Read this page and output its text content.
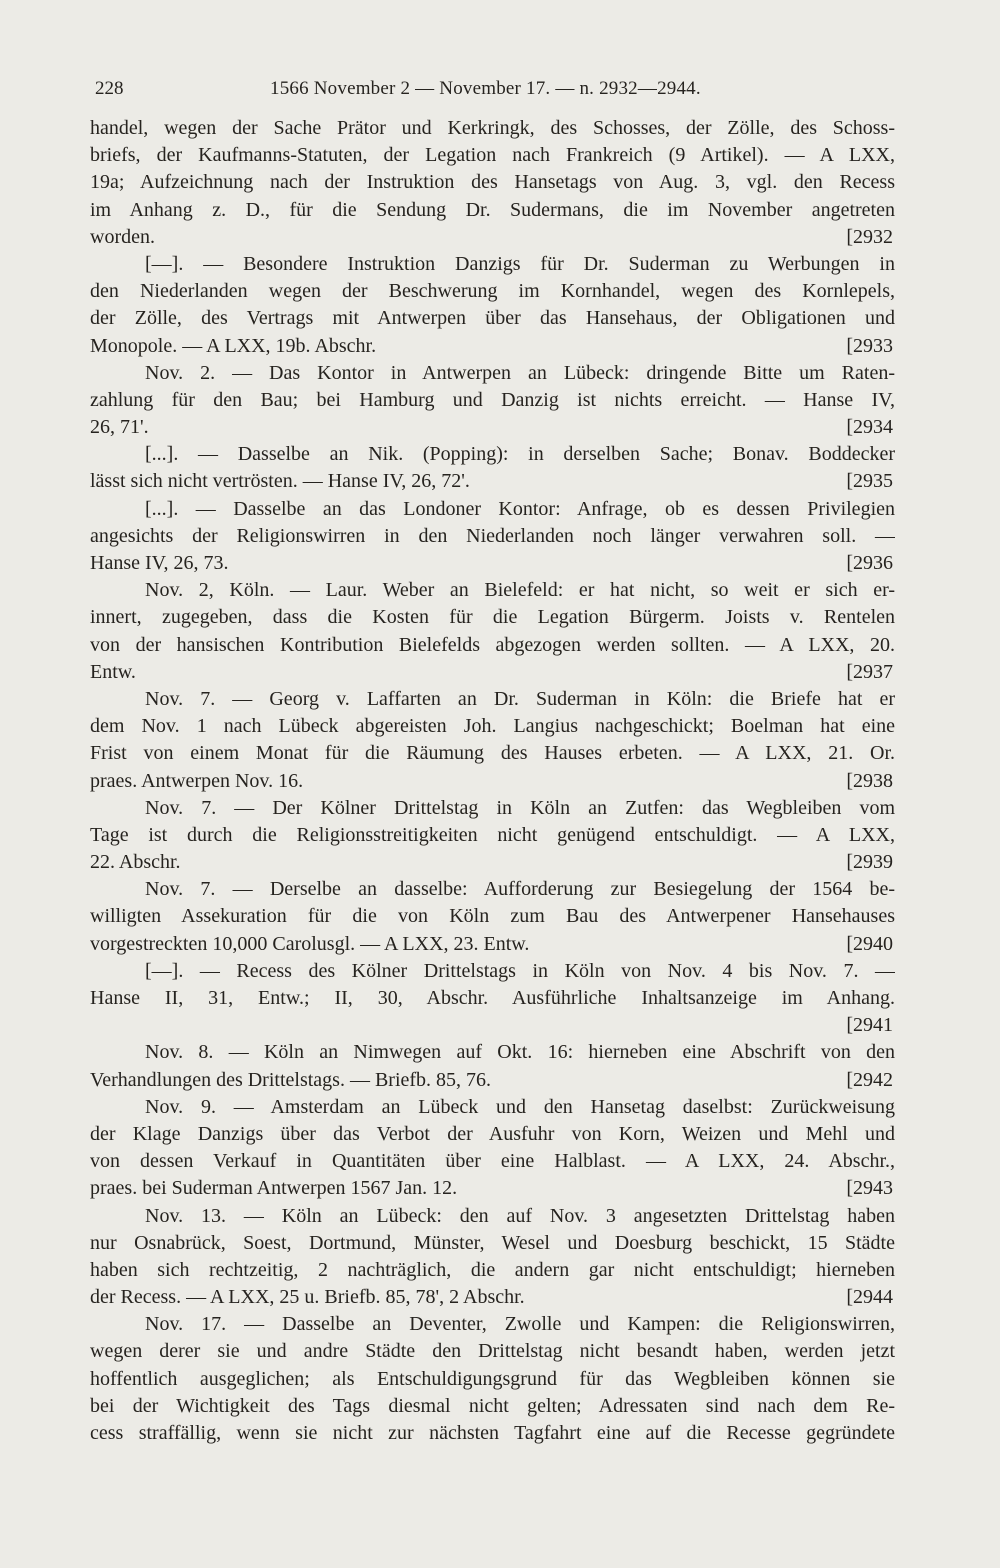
228	1566 November 2 — November 17. — n. 2932—2944.
handel, wegen der Sache Prätor und Kerkringk, des Schosses, der Zölle, des Schoss-
briefs, der Kaufmanns-Statuten, der Legation nach Frankreich (9 Artikel). — A LXX,
19a; Aufzeichnung nach der Instruktion des Hansetags von Aug. 3, vgl. den Recess
im Anhang z. D., für die Sendung Dr. Sudermans, die im November angetreten
worden.	[2932
[—]. — Besondere Instruktion Danzigs für Dr. Suderman zu Werbungen in
den Niederlanden wegen der Beschwerung im Kornhandel, wegen des Kornlepels,
der Zölle, des Vertrags mit Antwerpen über das Hansehaus, der Obligationen und
Monopole. — A LXX, 19b. Abschr.	[2933
Nov. 2. — Das Kontor in Antwerpen an Lübeck: dringende Bitte um Raten-
zahlung für den Bau; bei Hamburg und Danzig ist nichts erreicht. — Hanse IV,
26, 71'.	[2934
[...]. — Dasselbe an Nik. (Popping): in derselben Sache; Bonav. Boddecker
lässt sich nicht vertrösten. — Hanse IV, 26, 72'.	[2935
[...]. — Dasselbe an das Londoner Kontor: Anfrage, ob es dessen Privilegien
angesichts der Religionswirren in den Niederlanden noch länger verwahren soll. —
Hanse IV, 26, 73.	[2936
Nov. 2, Köln. — Laur. Weber an Bielefeld: er hat nicht, so weit er sich er-
innert, zugegeben, dass die Kosten für die Legation Bürgerm. Joists v. Rentelen
von der hansischen Kontribution Bielefelds abgezogen werden sollten. — A LXX, 20.
Entw.	[2937
Nov. 7. — Georg v. Laffarten an Dr. Suderman in Köln: die Briefe hat er
dem Nov. 1 nach Lübeck abgereisten Joh. Langius nachgeschickt; Boelman hat eine
Frist von einem Monat für die Räumung des Hauses erbeten. — A LXX, 21. Or.
praes. Antwerpen Nov. 16.	[2938
Nov. 7. — Der Kölner Drittelstag in Köln an Zutfen: das Wegbleiben vom
Tage ist durch die Religionsstreitigkeiten nicht genügend entschuldigt. — A LXX,
22. Abschr.	[2939
Nov. 7. — Derselbe an dasselbe: Aufforderung zur Besiegelung der 1564 be-
willigten Assekuration für die von Köln zum Bau des Antwerpener Hansehauses
vorgestreckten 10,000 Carolusgl. — A LXX, 23. Entw.	[2940
[—]. — Recess des Kölner Drittelstags in Köln von Nov. 4 bis Nov. 7. —
Hanse II, 31, Entw.; II, 30, Abschr. Ausführliche Inhaltsanzeige im Anhang.
[2941
Nov. 8. — Köln an Nimwegen auf Okt. 16: hierneben eine Abschrift von den
Verhandlungen des Drittelstags. — Briefb. 85, 76.	[2942
Nov. 9. — Amsterdam an Lübeck und den Hansetag daselbst: Zurückweisung
der Klage Danzigs über das Verbot der Ausfuhr von Korn, Weizen und Mehl und
von dessen Verkauf in Quantitäten über eine Halblast. — A LXX, 24. Abschr.,
praes. bei Suderman Antwerpen 1567 Jan. 12.	[2943
Nov. 13. — Köln an Lübeck: den auf Nov. 3 angesetzten Drittelstag haben
nur Osnabrück, Soest, Dortmund, Münster, Wesel und Doesburg beschickt, 15 Städte
haben sich rechtzeitig, 2 nachträglich, die andern gar nicht entschuldigt; hierneben
der Recess. — A LXX, 25 u. Briefb. 85, 78', 2 Abschr.	[2944
Nov. 17. — Dasselbe an Deventer, Zwolle und Kampen: die Religionswirren,
wegen derer sie und andre Städte den Drittelstag nicht besandt haben, werden jetzt
hoffentlich ausgeglichen; als Entschuldigungsgrund für das Wegbleiben können sie
bei der Wichtigkeit des Tags diesmal nicht gelten; Adressaten sind nach dem Re-
cess straffällig, wenn sie nicht zur nächsten Tagfahrt eine auf die Recesse gegründete
